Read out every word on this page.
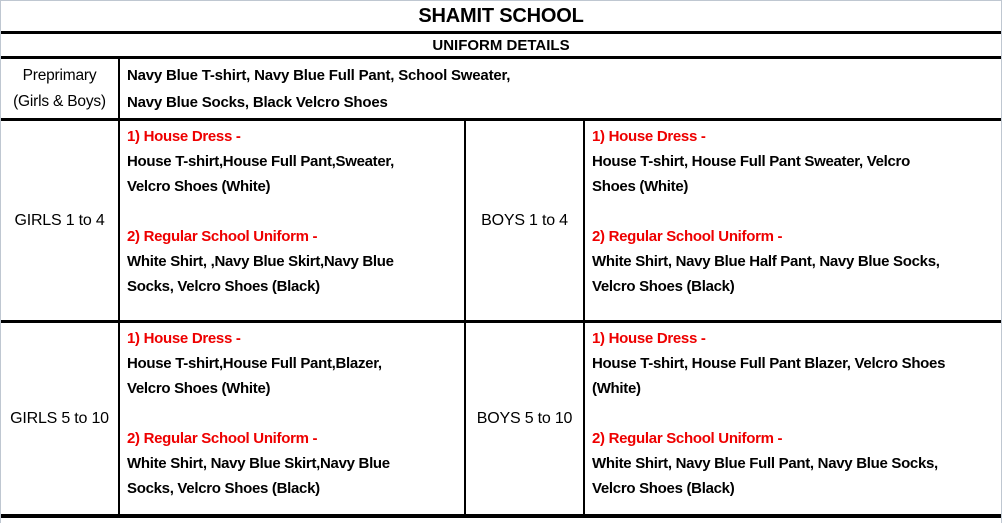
SHAMIT SCHOOL
UNIFORM DETAILS
Preprimary
(Girls & Boys)
Navy Blue T-shirt, Navy Blue Full Pant, School Sweater,
Navy Blue Socks, Black Velcro Shoes
GIRLS 1 to 4
1) House Dress -
House T-shirt,House Full Pant,Sweater,
Velcro Shoes (White)
2) Regular School Uniform -
White Shirt, ,Navy Blue Skirt,Navy Blue
Socks, Velcro Shoes (Black)
BOYS 1 to 4
1) House Dress -
House T-shirt, House Full Pant Sweater, Velcro
Shoes (White)
2) Regular School Uniform -
White Shirt, Navy Blue Half Pant, Navy Blue Socks,
Velcro Shoes (Black)
GIRLS 5 to 10
1) House Dress -
House T-shirt,House Full Pant,Blazer,
Velcro Shoes (White)
2) Regular School Uniform -
White Shirt, Navy Blue Skirt,Navy Blue
Socks, Velcro Shoes (Black)
BOYS 5 to 10
1) House Dress -
House T-shirt, House Full Pant Blazer, Velcro Shoes
(White)
2) Regular School Uniform -
White Shirt, Navy Blue Full Pant, Navy Blue Socks,
Velcro Shoes (Black)
